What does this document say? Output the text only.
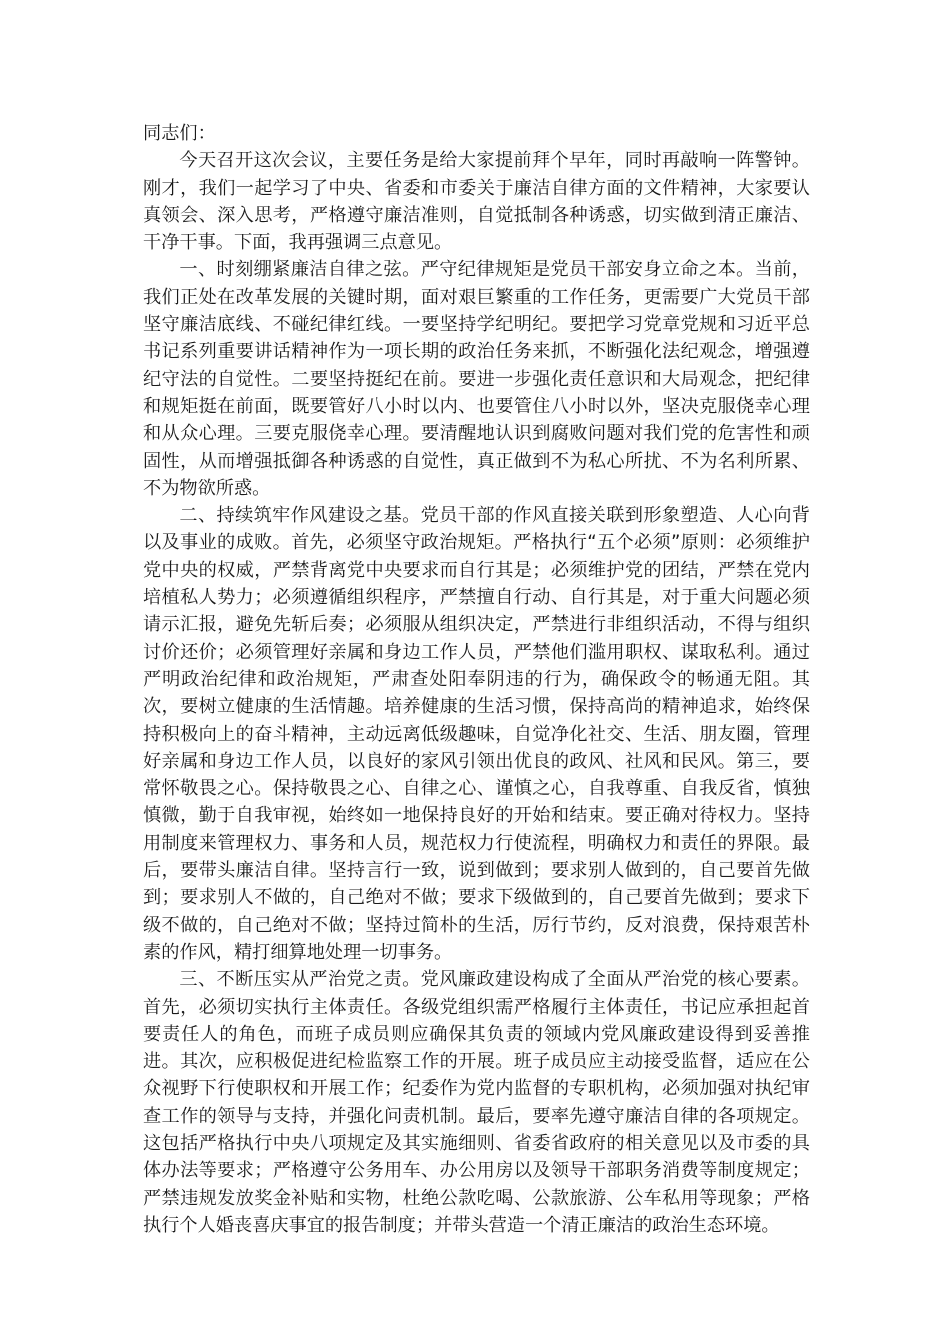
同志们：

今天召开这次会议，主要任务是给大家提前拜个早年，同时再敲响一阵警钟。刚才，我们一起学习了中央、省委和市委关于廉洁自律方面的文件精神，大家要认真领会、深入思考，严格遵守廉洁准则，自觉抵制各种诱惑，切实做到清正廉洁、干净干事。下面，我再强调三点意见。

一、时刻绷紧廉洁自律之弦。严守纪律规矩是党员干部安身立命之本。当前，我们正处在改革发展的关键时期，面对艰巨繁重的工作任务，更需要广大党员干部坚守廉洁底线、不碰纪律红线。一要坚持学纪明纪。要把学习党章党规和习近平总书记系列重要讲话精神作为一项长期的政治任务来抓，不断强化法纪观念，增强遵纪守法的自觉性。二要坚持挺纪在前。要进一步强化责任意识和大局观念，把纪律和规矩挺在前面，既要管好八小时以内、也要管住八小时以外，坚决克服侥幸心理和从众心理。三要克服侥幸心理。要清醒地认识到腐败问题对我们党的危害性和顽固性，从而增强抵御各种诱惑的自觉性，真正做到不为私心所扰、不为名利所累、不为物欲所惑。

二、持续筑牢作风建设之基。党员干部的作风直接关联到形象塑造、人心向背以及事业的成败。首先，必须坚守政治规矩。严格执行“五个必须”原则：必须维护党中央的权威，严禁背离党中央要求而自行其是；必须维护党的团结，严禁在党内培植私人势力；必须遵循组织程序，严禁擅自行动、自行其是，对于重大问题必须请示汇报，避免先斩后奏；必须服从组织决定，严禁进行非组织活动，不得与组织讨价还价；必须管理好亲属和身边工作人员，严禁他们滥用职权、谋取私利。通过严明政治纪律和政治规矩，严肃查处阳奉阴违的行为，确保政令的畅通无阻。其次，要树立健康的生活情趣。培养健康的生活习惯，保持高尚的精神追求，始终保持积极向上的奋斗精神，主动远离低级趣味，自觉净化社交、生活、朋友圈，管理好亲属和身边工作人员，以良好的家风引领出优良的政风、社风和民风。第三，要常怀敬畏之心。保持敬畏之心、自律之心、谨慎之心，自我尊重、自我反省，慎独慎微，勤于自我审视，始终如一地保持良好的开始和结束。要正确对待权力。坚持用制度来管理权力、事务和人员，规范权力行使流程，明确权力和责任的界限。最后，要带头廉洁自律。坚持言行一致，说到做到；要求别人做到的，自己要首先做到；要求别人不做的，自己绝对不做；要求下级做到的，自己要首先做到；要求下级不做的，自己绝对不做；坚持过简朴的生活，厉行节约，反对浪费，保持艰苦朴素的作风，精打细算地处理一切事务。

三、不断压实从严治党之责。党风廉政建设构成了全面从严治党的核心要素。首先，必须切实执行主体责任。各级党组织需严格履行主体责任，书记应承担起首要责任人的角色，而班子成员则应确保其负责的领域内党风廉政建设得到妥善推进。其次，应积极促进纪检监察工作的开展。班子成员应主动接受监督，适应在公众视野下行使职权和开展工作；纪委作为党内监督的专职机构，必须加强对执纪审查工作的领导与支持，并强化问责机制。最后，要率先遵守廉洁自律的各项规定。这包括严格执行中央八项规定及其实施细则、省委省政府的相关意见以及市委的具体办法等要求；严格遵守公务用车、办公用房以及领导干部职务消费等制度规定；严禁违规发放奖金补贴和实物，杜绝公款吃喝、公款旅游、公车私用等现象；严格执行个人婚丧喜庆事宜的报告制度；并带头营造一个清正廉洁的政治生态环境。
